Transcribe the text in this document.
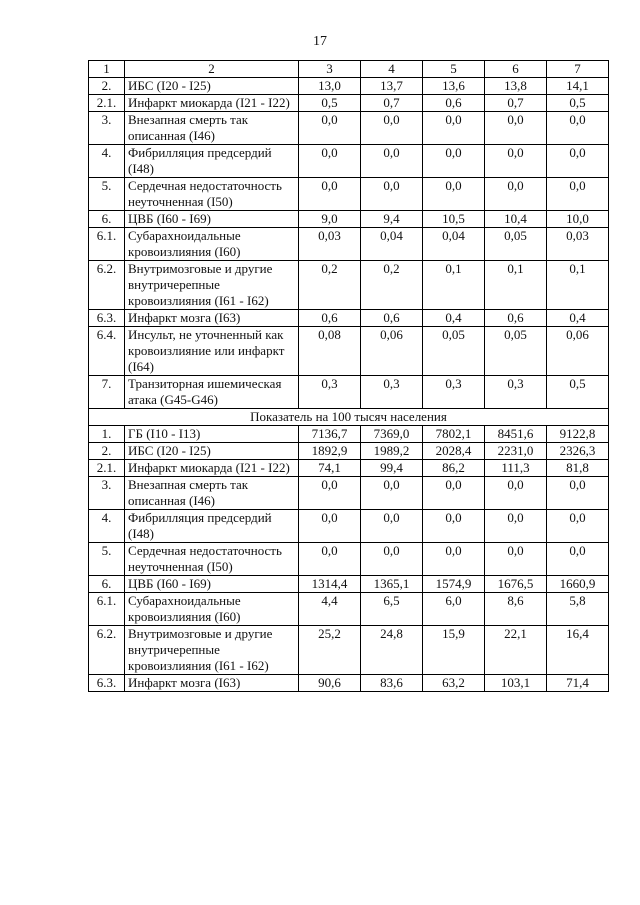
17
1	2	3	4	5	6	7
2.	ИБС (I20 - I25)	13,0	13,7	13,6	13,8	14,1
2.1.	Инфаркт миокарда (I21 - I22)	0,5	0,7	0,6	0,7	0,5
3.	Внезапная смерть так описанная (I46)	0,0	0,0	0,0	0,0	0,0
4.	Фибрилляция предсердий (I48)	0,0	0,0	0,0	0,0	0,0
5.	Сердечная недостаточность неуточненная (I50)	0,0	0,0	0,0	0,0	0,0
6.	ЦВБ (I60 - I69)	9,0	9,4	10,5	10,4	10,0
6.1.	Субарахноидальные кровоизлияния (I60)	0,03	0,04	0,04	0,05	0,03
6.2.	Внутримозговые и другие внутричерепные кровоизлияния (I61 - I62)	0,2	0,2	0,1	0,1	0,1
6.3.	Инфаркт мозга (I63)	0,6	0,6	0,4	0,6	0,4
6.4.	Инсульт, не уточненный как кровоизлияние или инфаркт (I64)	0,08	0,06	0,05	0,05	0,06
7.	Транзиторная ишемическая атака (G45-G46)	0,3	0,3	0,3	0,3	0,5
Показатель на 100 тысяч населения						
1.	ГБ (I10 - I13)	7136,7	7369,0	7802,1	8451,6	9122,8
2.	ИБС (I20 - I25)	1892,9	1989,2	2028,4	2231,0	2326,3
2.1.	Инфаркт миокарда (I21 - I22)	74,1	99,4	86,2	111,3	81,8
3.	Внезапная смерть так описанная (I46)	0,0	0,0	0,0	0,0	0,0
4.	Фибрилляция предсердий (I48)	0,0	0,0	0,0	0,0	0,0
5.	Сердечная недостаточность неуточненная (I50)	0,0	0,0	0,0	0,0	0,0
6.	ЦВБ (I60 - I69)	1314,4	1365,1	1574,9	1676,5	1660,9
6.1.	Субарахноидальные кровоизлияния (I60)	4,4	6,5	6,0	8,6	5,8
6.2.	Внутримозговые и другие внутричерепные кровоизлияния (I61 - I62)	25,2	24,8	15,9	22,1	16,4
6.3.	Инфаркт мозга (I63)	90,6	83,6	63,2	103,1	71,4
